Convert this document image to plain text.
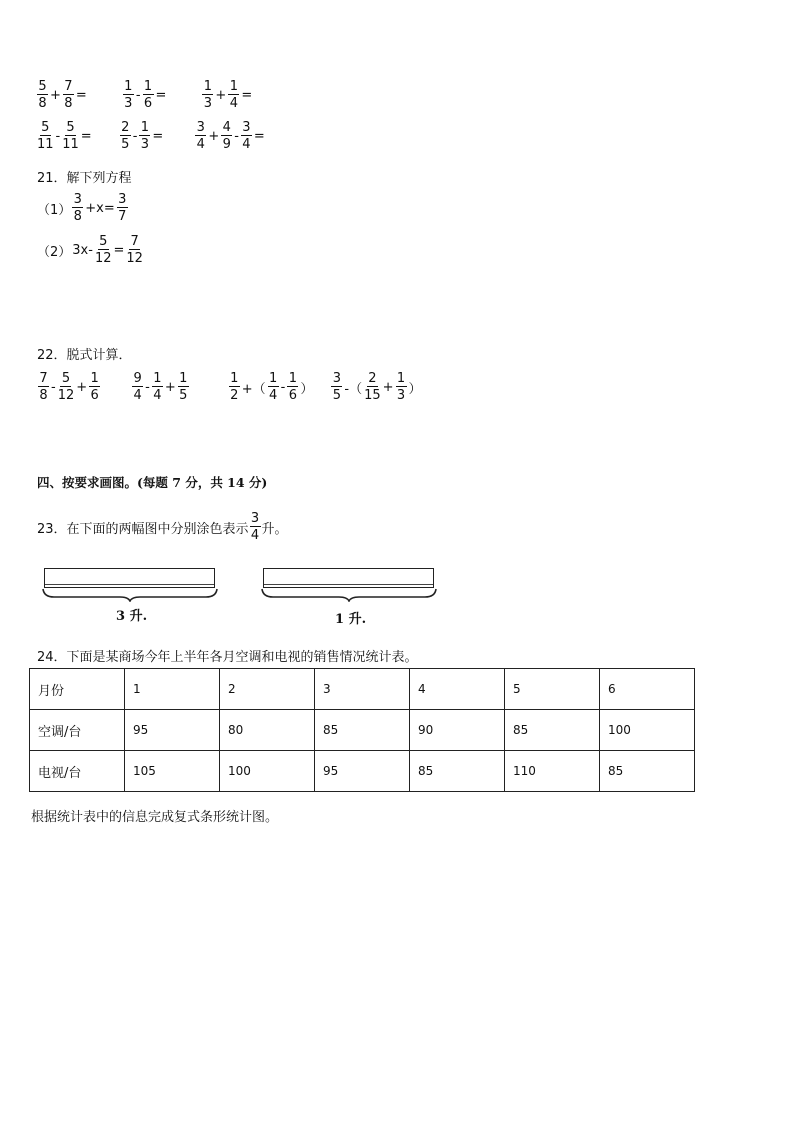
$\frac{5}{8} + \frac{7}{8}$ =	$\frac{1}{3} - \frac{1}{6}$ =	$\frac{1}{3} + \frac{1}{4}$ =
$\frac{5}{11} - \frac{5}{11} = \frac{2}{5} - \frac{1}{3} = \frac{3}{4} + \frac{4}{9} - \frac{3}{4}$ =
21．解下列方程
$(1) \frac{3}{8} +x= \frac{3}{7}$
（2） $3x- \frac{5}{12} = \frac{7}{12}$
22．脱式计算．
$\frac{7}{8} - \frac{5}{12} + \frac{1}{6} \frac{9}{4} - \frac{1}{4} + \frac{1}{5}$	$\frac{1}{2}$ +（ $\frac{1}{4} - \frac{1}{6}$ ） $\frac{3}{5}$ -（ $\frac{2}{15} + \frac{1}{3}$ ）
四、按要求画图。(每题 7 分，共 14 分)
23．在下面的两幅图中分别涂色表示 $\frac{3}{4}$ 升。
3 升.	1 升.
24．下面是某商场今年上半年各月空调和电视的销售情况统计表。
月份	1	2	3	4	5	6
空调/台	95	80	85	90	85	100
电视/台	105	100	95	85	110	85
根据统计表中的信息完成复式条形统计图。
